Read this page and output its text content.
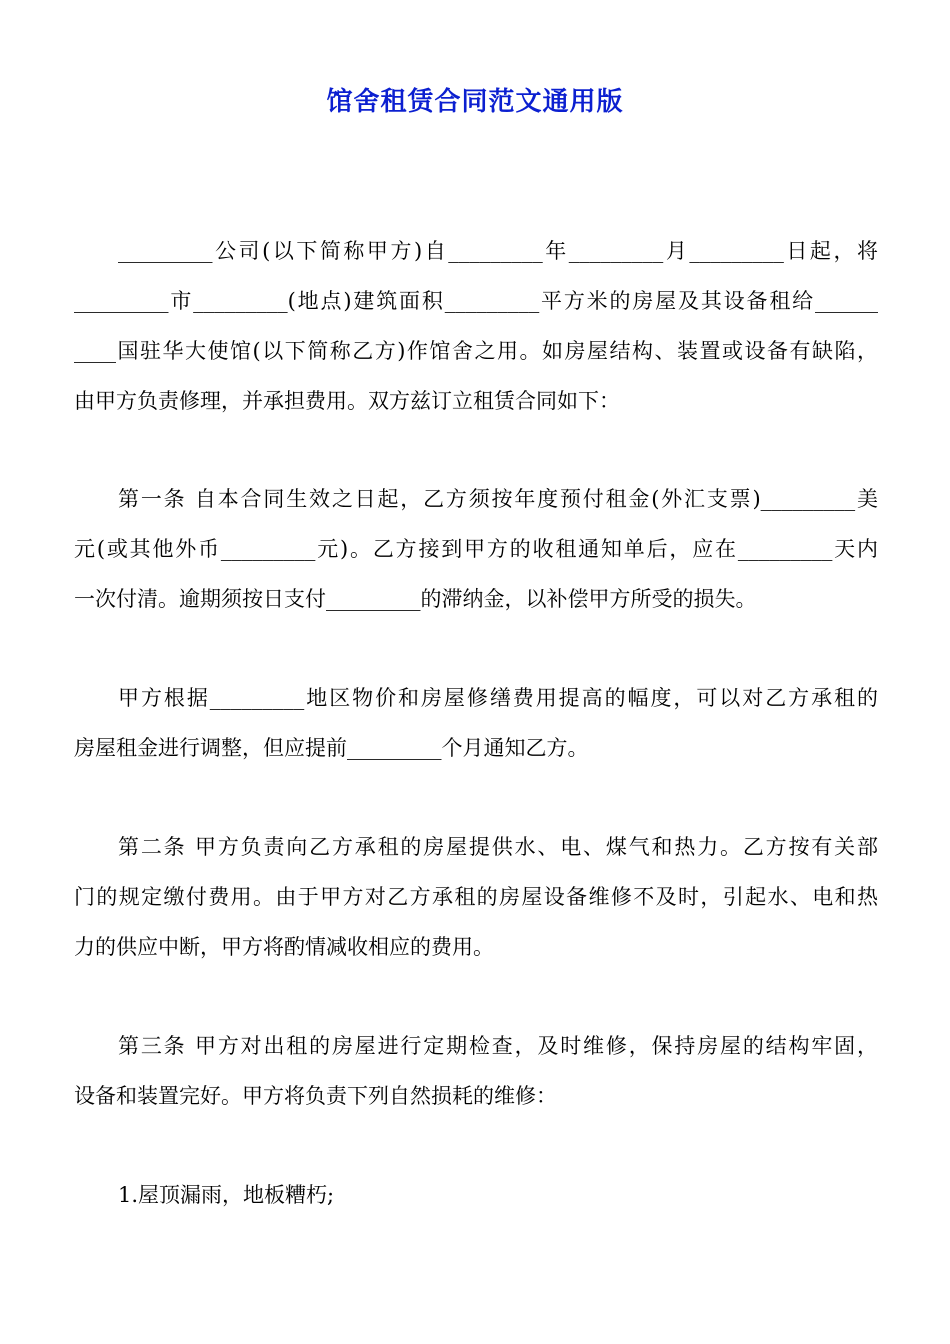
馆舍租赁合同范文通用版
_________公司(以下简称甲方)自_________年_________月_________日起，将
_________市_________(地点)建筑面积_________平方米的房屋及其设备租给______
____国驻华大使馆(以下简称乙方)作馆舍之用。如房屋结构、装置或设备有缺陷，
由甲方负责修理，并承担费用。双方兹订立租赁合同如下：
第一条 自本合同生效之日起，乙方须按年度预付租金(外汇支票)_________美
元(或其他外币_________元)。乙方接到甲方的收租通知单后，应在_________天内
一次付清。逾期须按日支付_________的滞纳金，以补偿甲方所受的损失。
甲方根据_________地区物价和房屋修缮费用提高的幅度，可以对乙方承租的
房屋租金进行调整，但应提前_________个月通知乙方。
第二条 甲方负责向乙方承租的房屋提供水、电、煤气和热力。乙方按有关部
门的规定缴付费用。由于甲方对乙方承租的房屋设备维修不及时，引起水、电和热
力的供应中断，甲方将酌情减收相应的费用。
第三条 甲方对出租的房屋进行定期检查，及时维修，保持房屋的结构牢固，
设备和装置完好。甲方将负责下列自然损耗的维修：
1.屋顶漏雨，地板糟朽;
